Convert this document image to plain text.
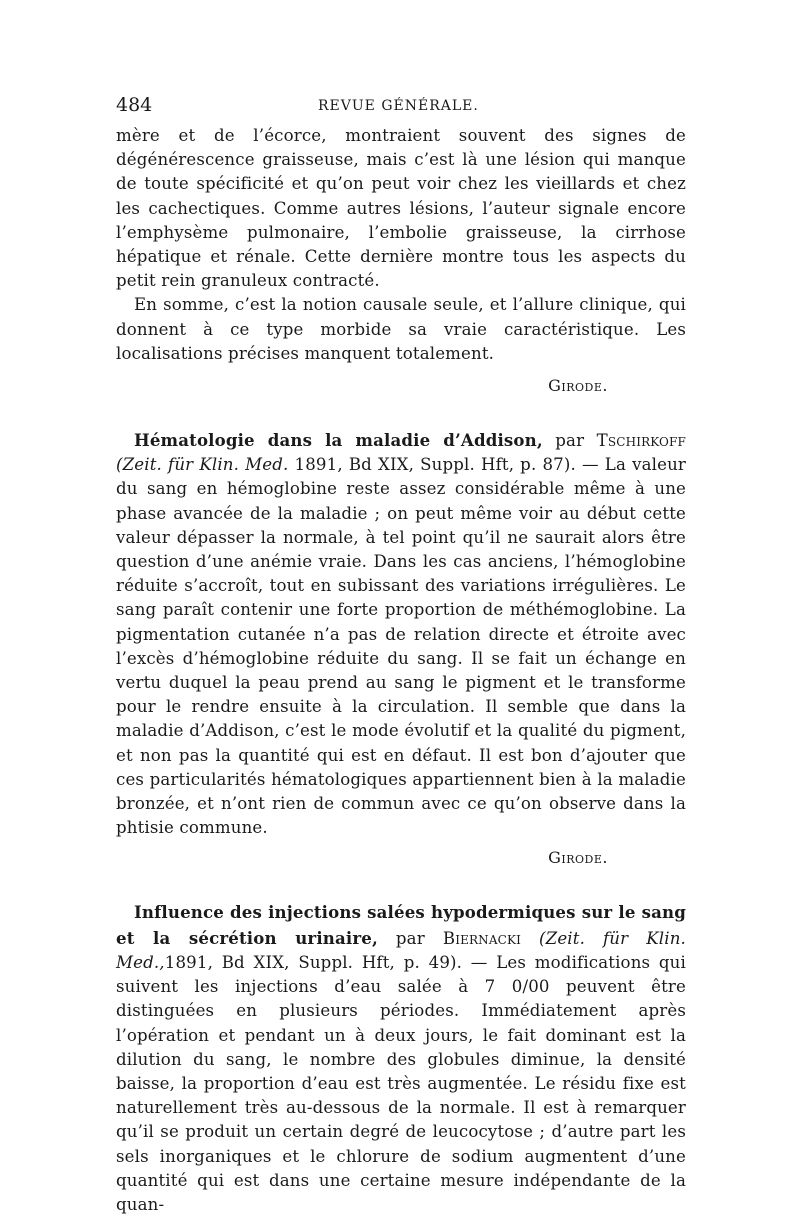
484	REVUE GÉNÉRALE.

mère et de l’écorce, montraient souvent des signes de dégénérescence graisseuse, mais c’est là une lésion qui manque de toute spécificité et qu’on peut voir chez les vieillards et chez les cachectiques. Comme autres lésions, l’auteur signale encore l’emphysème pulmonaire, l’embolie graisseuse, la cirrhose hépatique et rénale. Cette dernière montre tous les aspects du petit rein granuleux contracté.

En somme, c’est la notion causale seule, et l’allure clinique, qui donnent à ce type morbide sa vraie caractéristique. Les localisations précises manquent totalement.

Girode.

Hématologie dans la maladie d’Addison, par Tschirkoff (Zeit. für Klin. Med. 1891, Bd XIX, Suppl. Hft, p. 87). — La valeur du sang en hémoglobine reste assez considérable même à une phase avancée de la maladie ; on peut même voir au début cette valeur dépasser la normale, à tel point qu’il ne saurait alors être question d’une anémie vraie. Dans les cas anciens, l’hémoglobine réduite s’accroît, tout en subissant des variations irrégulières. Le sang paraît contenir une forte proportion de méthémoglobine. La pigmentation cutanée n’a pas de relation directe et étroite avec l’excès d’hémoglobine réduite du sang. Il se fait un échange en vertu duquel la peau prend au sang le pigment et le transforme pour le rendre ensuite à la circulation. Il semble que dans la maladie d’Addison, c’est le mode évolutif et la qualité du pigment, et non pas la quantité qui est en défaut. Il est bon d’ajouter que ces particularités hématologiques appartiennent bien à la maladie bronzée, et n’ont rien de commun avec ce qu’on observe dans la phtisie commune.

Girode.

Influence des injections salées hypodermiques sur le sang et la sécrétion urinaire, par Biernacki (Zeit. für Klin. Med.,1891, Bd XIX, Suppl. Hft, p. 49). — Les modifications qui suivent les injections d’eau salée à 7 0/00 peuvent être distinguées en plusieurs périodes. Immédiatement après l’opération et pendant un à deux jours, le fait dominant est la dilution du sang, le nombre des globules diminue, la densité baisse, la proportion d’eau est très augmentée. Le résidu fixe est naturellement très au-dessous de la normale. Il est à remarquer qu’il se produit un certain degré de leucocytose ; d’autre part les sels inorganiques et le chlorure de sodium augmentent d’une quantité qui est dans une certaine mesure indépendante de la quan-
